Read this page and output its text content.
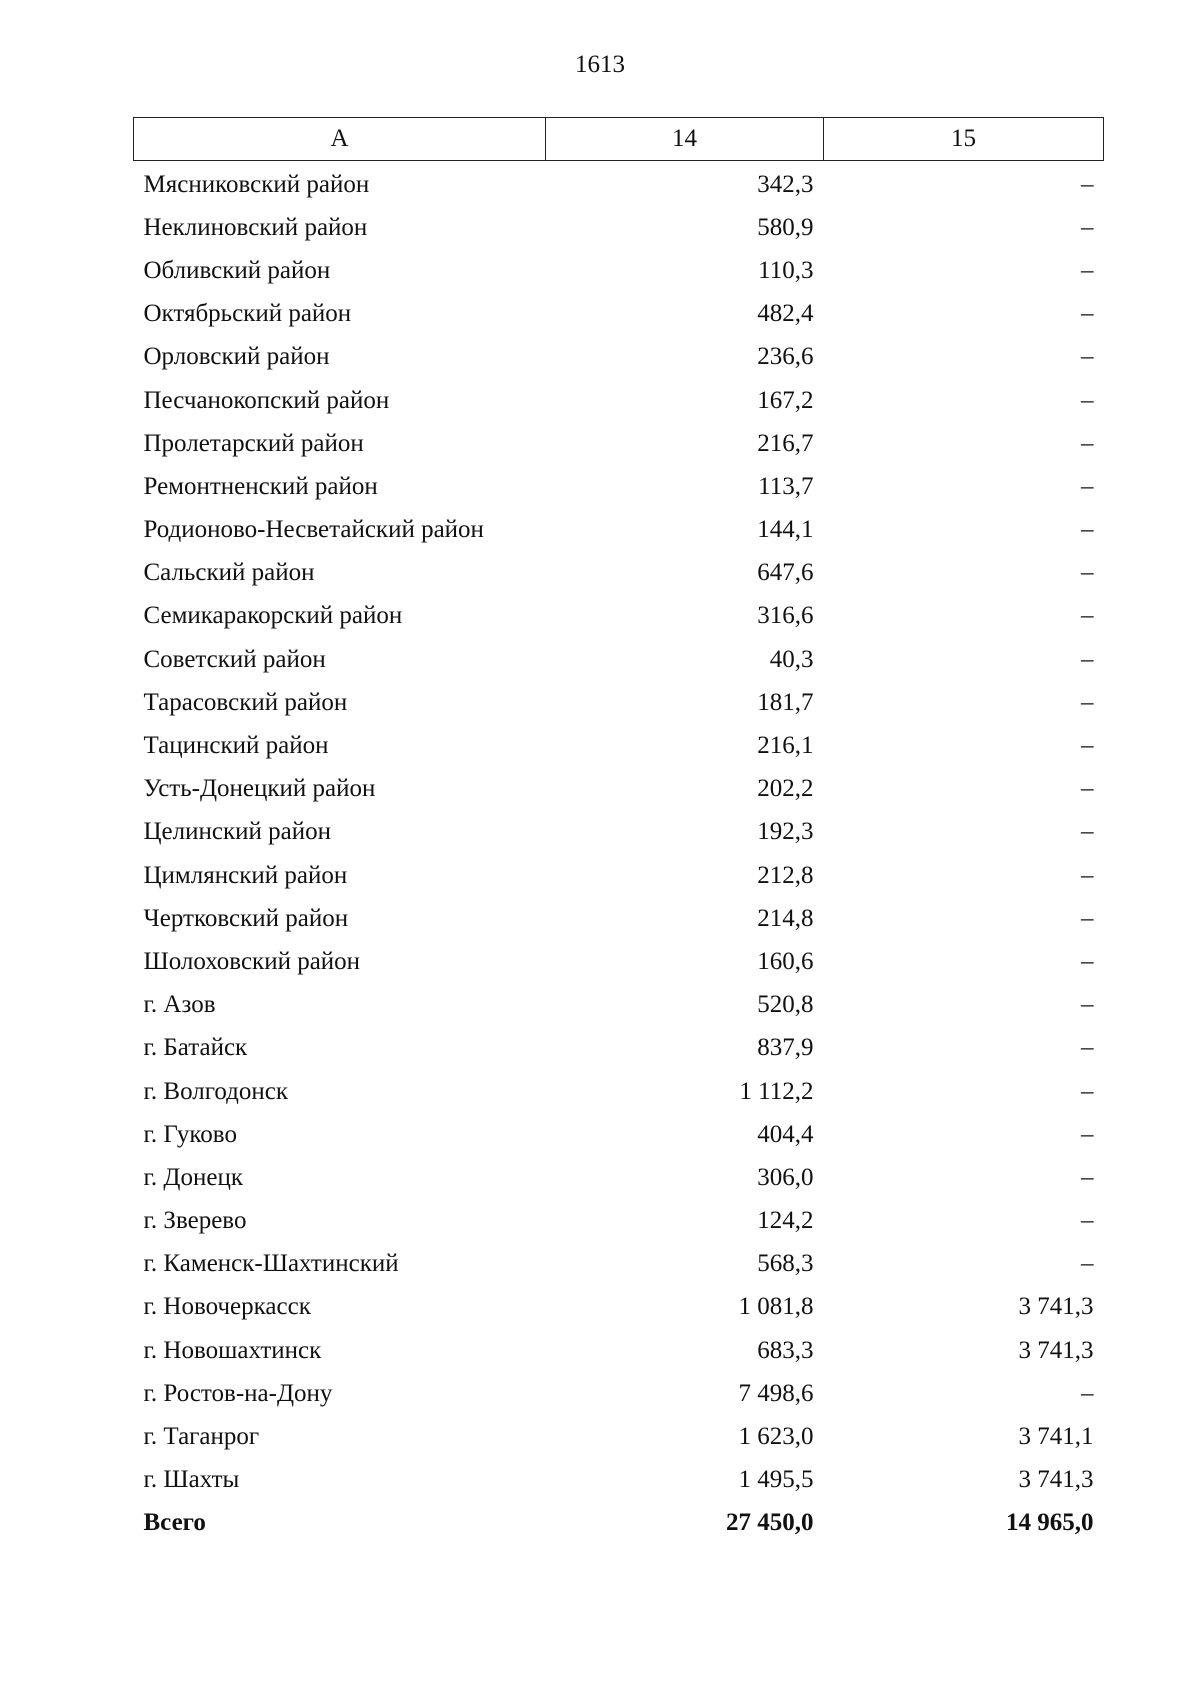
1613
А	14	15
Мясниковский район	342,3	–
Неклиновский район	580,9	–
Обливский район	110,3	–
Октябрьский район	482,4	–
Орловский район	236,6	–
Песчанокопский район	167,2	–
Пролетарский район	216,7	–
Ремонтненский район	113,7	–
Родионово-Несветайский район	144,1	–
Сальский район	647,6	–
Семикаракорский район	316,6	–
Советский район	40,3	–
Тарасовский район	181,7	–
Тацинский район	216,1	–
Усть-Донецкий район	202,2	–
Целинский район	192,3	–
Цимлянский район	212,8	–
Чертковский район	214,8	–
Шолоховский район	160,6	–
г. Азов	520,8	–
г. Батайск	837,9	–
г. Волгодонск	1 112,2	–
г. Гуково	404,4	–
г. Донецк	306,0	–
г. Зверево	124,2	–
г. Каменск-Шахтинский	568,3	–
г. Новочеркасск	1 081,8	3 741,3
г. Новошахтинск	683,3	3 741,3
г. Ростов-на-Дону	7 498,6	–
г. Таганрог	1 623,0	3 741,1
г. Шахты	1 495,5	3 741,3
Всего	27 450,0	14 965,0
